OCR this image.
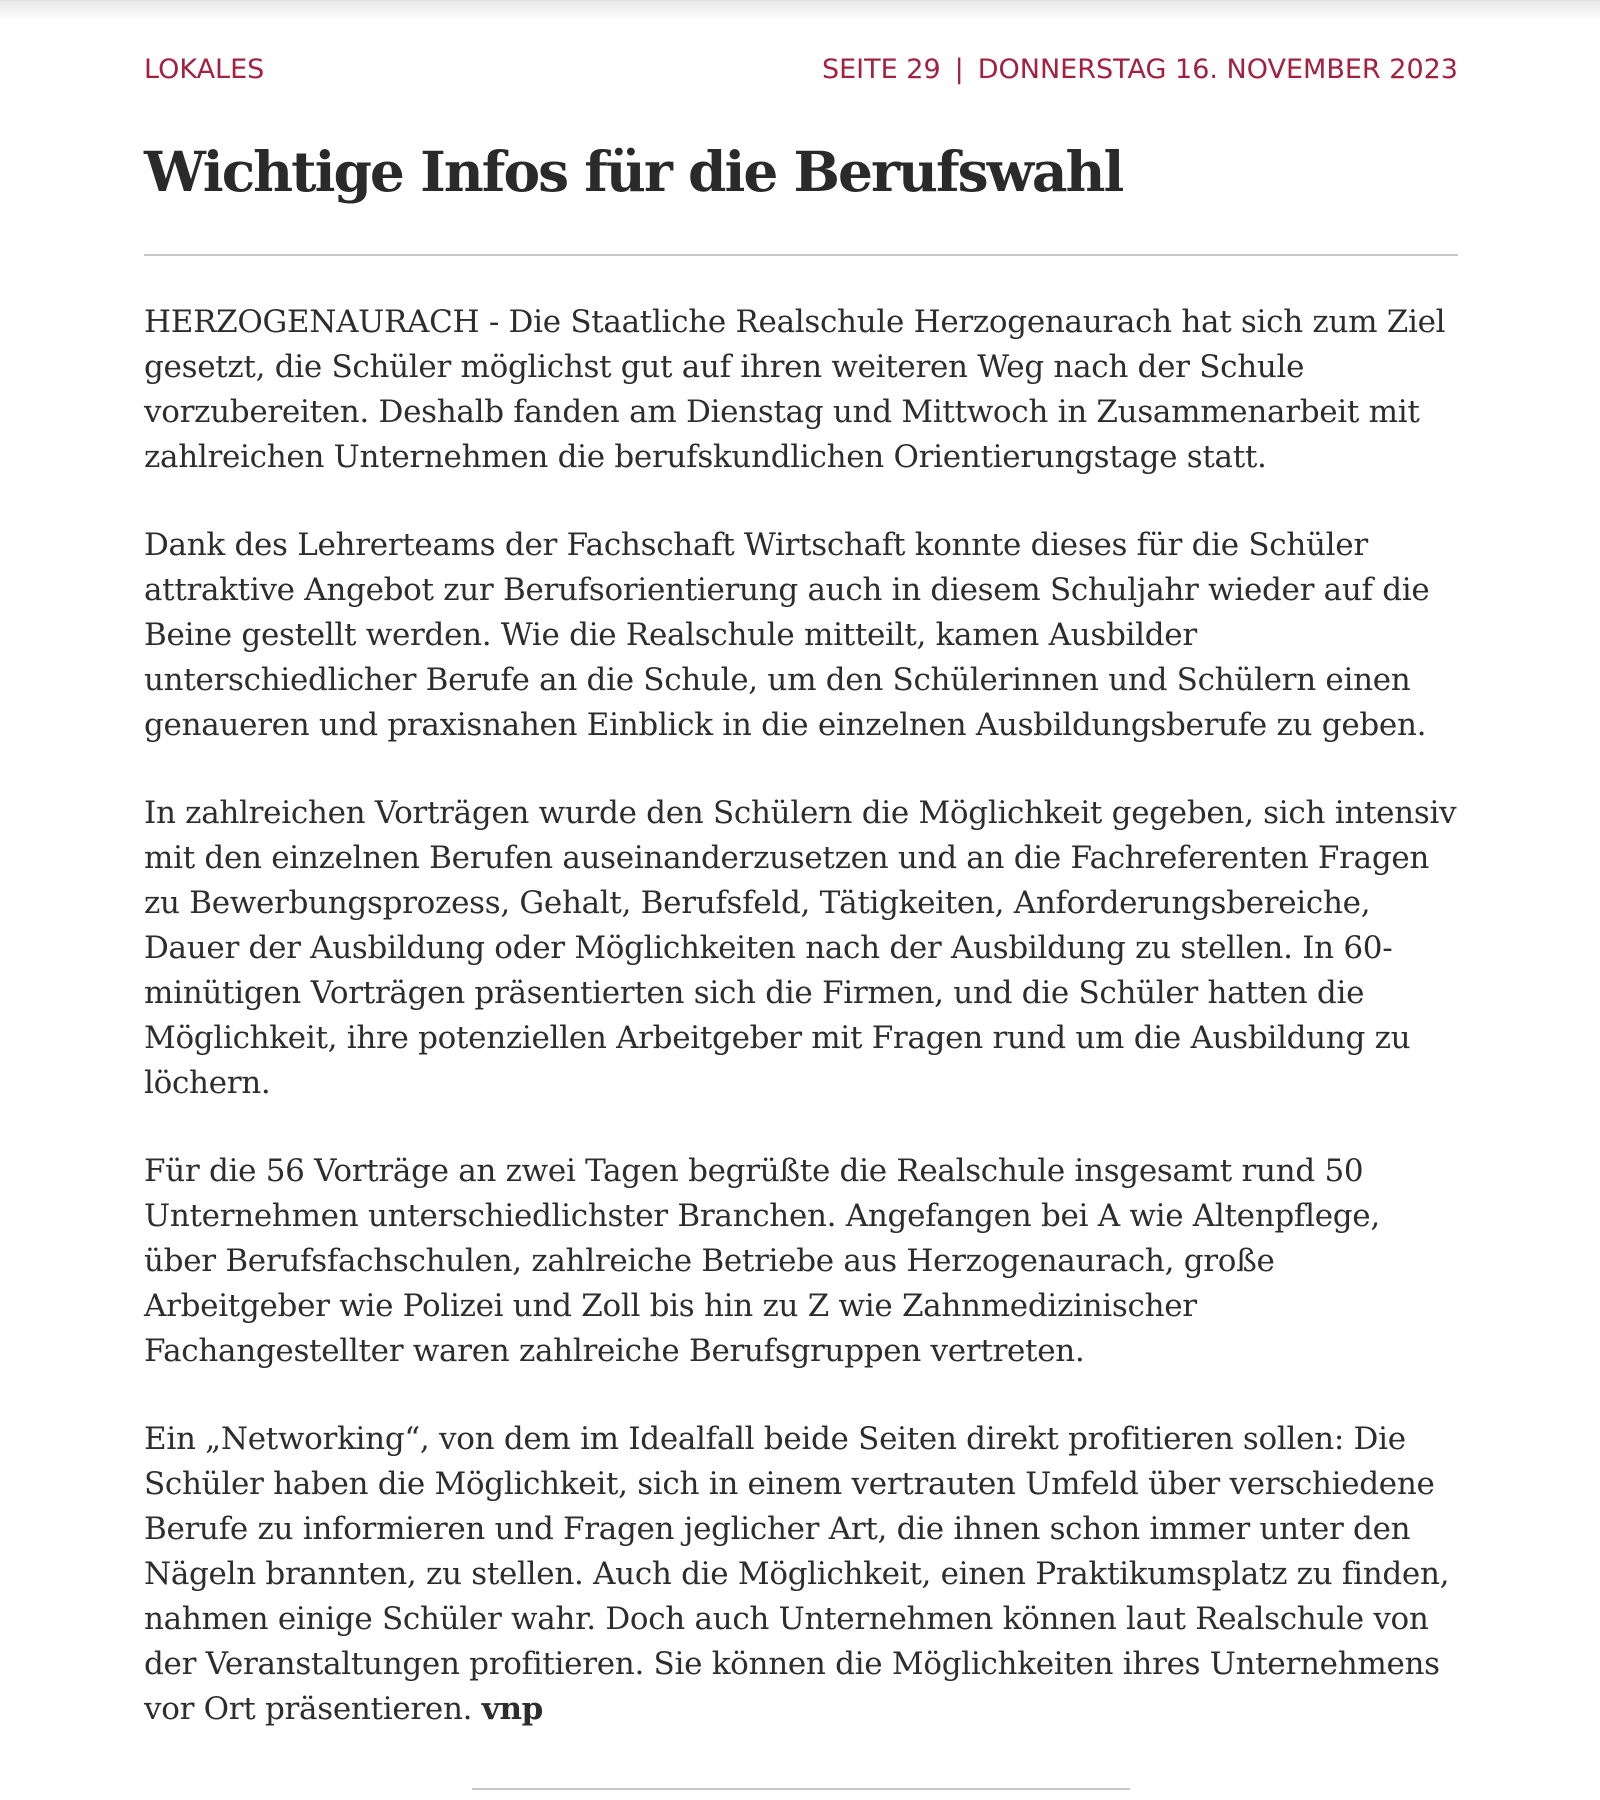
LOKALES	SEITE 29 | DONNERSTAG 16. NOVEMBER 2023
Wichtige Infos für die Berufswahl

HERZOGENAURACH - Die Staatliche Realschule Herzogenaurach hat sich zum Ziel gesetzt, die Schüler möglichst gut auf ihren weiteren Weg nach der Schule vorzubereiten. Deshalb fanden am Dienstag und Mittwoch in Zusammenarbeit mit zahlreichen Unternehmen die berufskundlichen Orientierungstage statt.

Dank des Lehrerteams der Fachschaft Wirtschaft konnte dieses für die Schüler attraktive Angebot zur Berufsorientierung auch in diesem Schuljahr wieder auf die Beine gestellt werden. Wie die Realschule mitteilt, kamen Ausbilder unterschiedlicher Berufe an die Schule, um den Schülerinnen und Schülern einen genaueren und praxisnahen Einblick in die einzelnen Ausbildungsberufe zu geben.

In zahlreichen Vorträgen wurde den Schülern die Möglichkeit gegeben, sich intensiv mit den einzelnen Berufen auseinanderzusetzen und an die Fachreferenten Fragen zu Bewerbungsprozess, Gehalt, Berufsfeld, Tätigkeiten, Anforderungsbereiche, Dauer der Ausbildung oder Möglichkeiten nach der Ausbildung zu stellen. In 60-minütigen Vorträgen präsentierten sich die Firmen, und die Schüler hatten die Möglichkeit, ihre potenziellen Arbeitgeber mit Fragen rund um die Ausbildung zu löchern.

Für die 56 Vorträge an zwei Tagen begrüßte die Realschule insgesamt rund 50 Unternehmen unterschiedlichster Branchen. Angefangen bei A wie Altenpflege, über Berufsfachschulen, zahlreiche Betriebe aus Herzogenaurach, große Arbeitgeber wie Polizei und Zoll bis hin zu Z wie Zahnmedizinischer Fachangestellter waren zahlreiche Berufsgruppen vertreten.

Ein „Networking“, von dem im Idealfall beide Seiten direkt profitieren sollen: Die Schüler haben die Möglichkeit, sich in einem vertrauten Umfeld über verschiedene Berufe zu informieren und Fragen jeglicher Art, die ihnen schon immer unter den Nägeln brannten, zu stellen. Auch die Möglichkeit, einen Praktikumsplatz zu finden, nahmen einige Schüler wahr. Doch auch Unternehmen können laut Realschule von der Veranstaltungen profitieren. Sie können die Möglichkeiten ihres Unternehmens vor Ort präsentieren. vnp
